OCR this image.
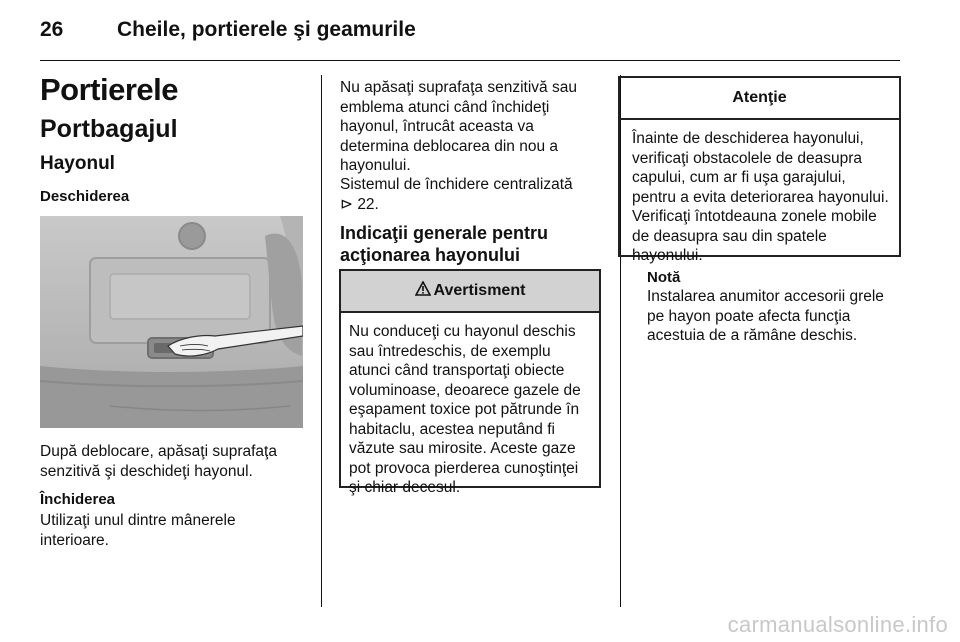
26	Cheile, portierele şi geamurile
Portierele
Portbagajul
Hayonul
Deschiderea
După deblocare, apăsaţi suprafaţa senzitivă şi deschideţi hayonul.
Închiderea
Utilizaţi unul dintre mânerele interioare.
Nu apăsaţi suprafaţa senzitivă sau emblema atunci când închideţi hayonul, întrucât aceasta va determina deblocarea din nou a hayonului.
Sistemul de închidere centralizată
⊳ 22.
Indicaţii generale pentru acţionarea hayonului
Avertisment
Nu conduceţi cu hayonul deschis sau întredeschis, de exemplu atunci când transportaţi obiecte voluminoase, deoarece gazele de eşapament toxice pot pătrunde în habitaclu, acestea neputând fi văzute sau mirosite. Aceste gaze pot provoca pierderea cunoştinţei şi chiar decesul.
Atenţie
Înainte de deschiderea hayonului, verificaţi obstacolele de deasupra capului, cum ar fi uşa garajului, pentru a evita deteriorarea hayonului. Verificaţi întotdeauna zonele mobile de deasupra sau din spatele hayonului.
Notă
Instalarea anumitor accesorii grele pe hayon poate afecta funcţia acestuia de a rămâne deschis.
carmanualsonline.info
